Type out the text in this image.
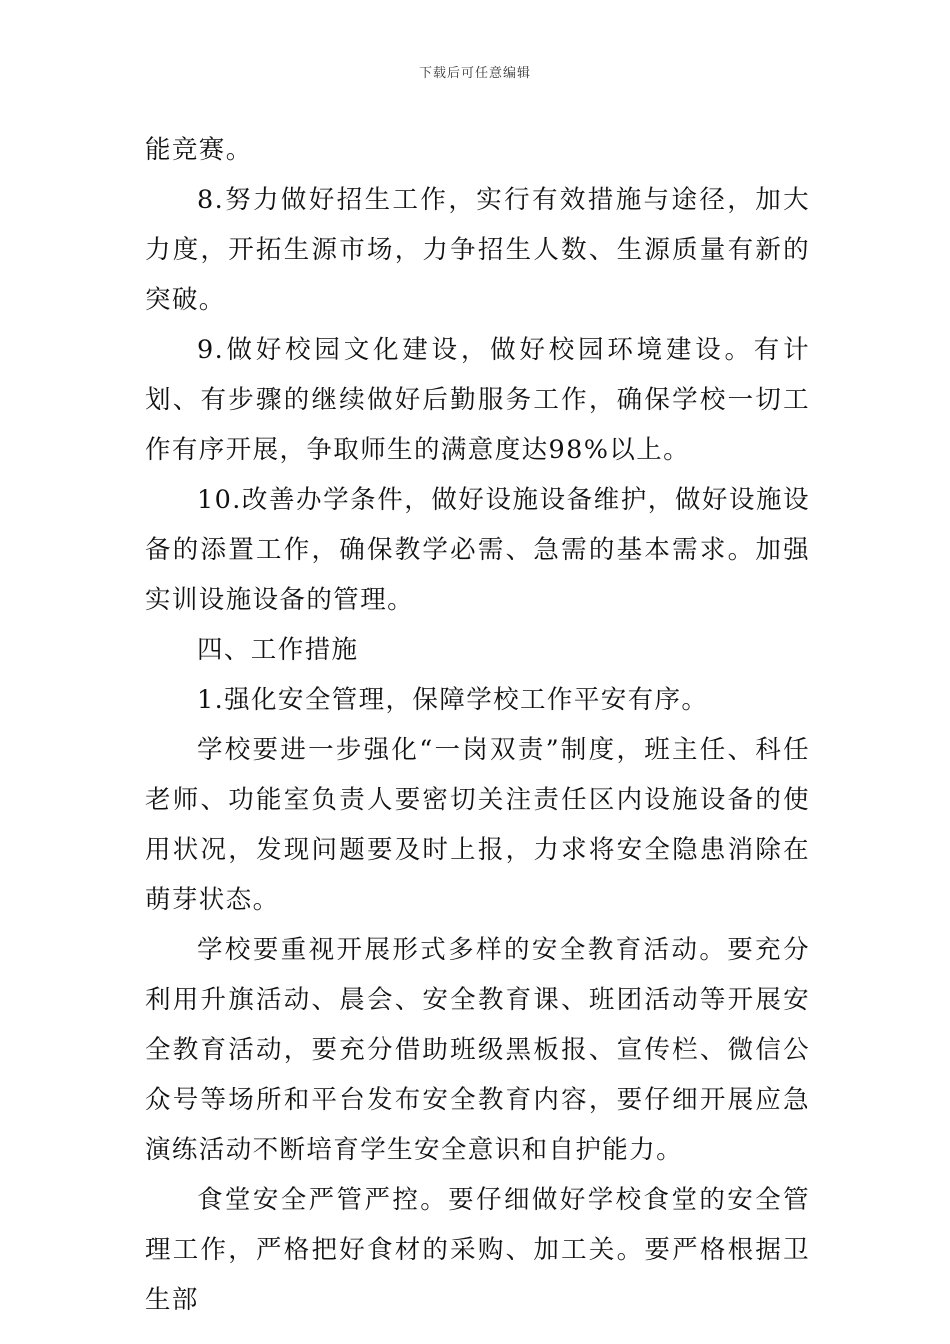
下载后可任意编辑

能竞赛。

8.努力做好招生工作，实行有效措施与途径，加大力度，开拓生源市场，力争招生人数、生源质量有新的突破。

9.做好校园文化建设，做好校园环境建设。有计划、有步骤的继续做好后勤服务工作，确保学校一切工作有序开展，争取师生的满意度达98%以上。

10.改善办学条件，做好设施设备维护，做好设施设备的添置工作，确保教学必需、急需的基本需求。加强实训设施设备的管理。

四、工作措施

1.强化安全管理，保障学校工作平安有序。

学校要进一步强化“一岗双责”制度，班主任、科任老师、功能室负责人要密切关注责任区内设施设备的使用状况，发现问题要及时上报，力求将安全隐患消除在萌芽状态。

学校要重视开展形式多样的安全教育活动。要充分利用升旗活动、晨会、安全教育课、班团活动等开展安全教育活动，要充分借助班级黑板报、宣传栏、微信公众号等场所和平台发布安全教育内容，要仔细开展应急演练活动不断培育学生安全意识和自护能力。

食堂安全严管严控。要仔细做好学校食堂的安全管理工作，严格把好食材的采购、加工关。要严格根据卫生部
